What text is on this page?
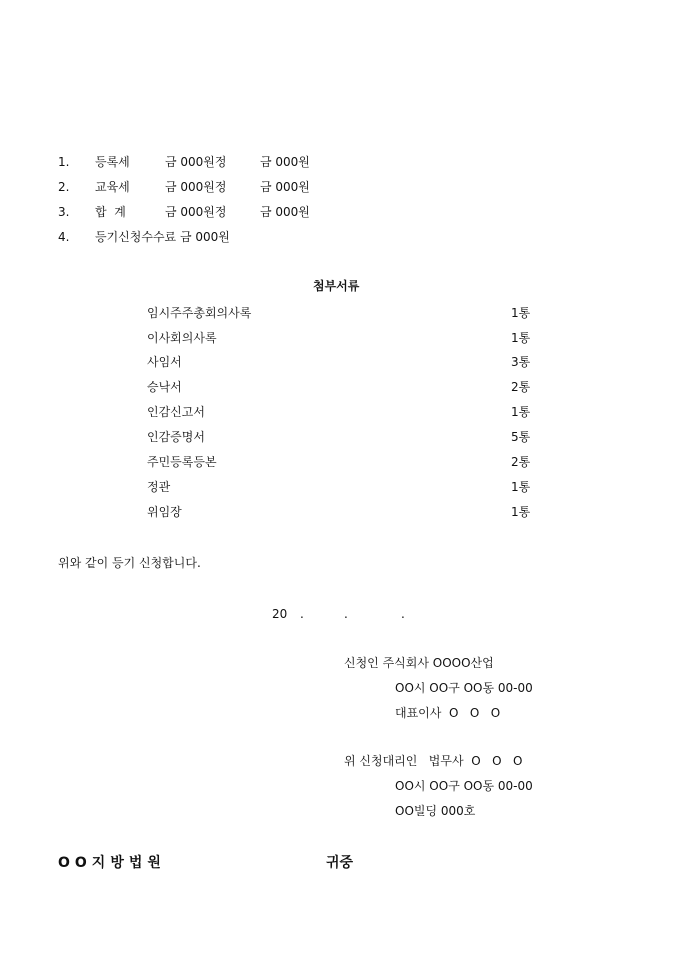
1. 등록세	금 000원정	금 000원
2. 교육세	금 000원정	금 000원
3. 합  계	금 000원정	금 000원
4. 등기신청수수료 금 000원
첨부서류
임시주주총회의사록	1통
이사회의사록	1통
사임서	3통
승낙서	2통
인감신고서	1통
인감증명서	5통
주민등록등본	2통
정관	1통
위임장	1통
위와 같이 등기 신청합니다.
20 .	.	.
신청인 주식회사 OOOO산업
OO시 OO구 OO동 00-00
대표이사  O   O   O
위 신청대리인   법무사  O   O   O
OO시 OO구 OO동 00-00
OO빌딩 000호
OO지방법원	귀중
